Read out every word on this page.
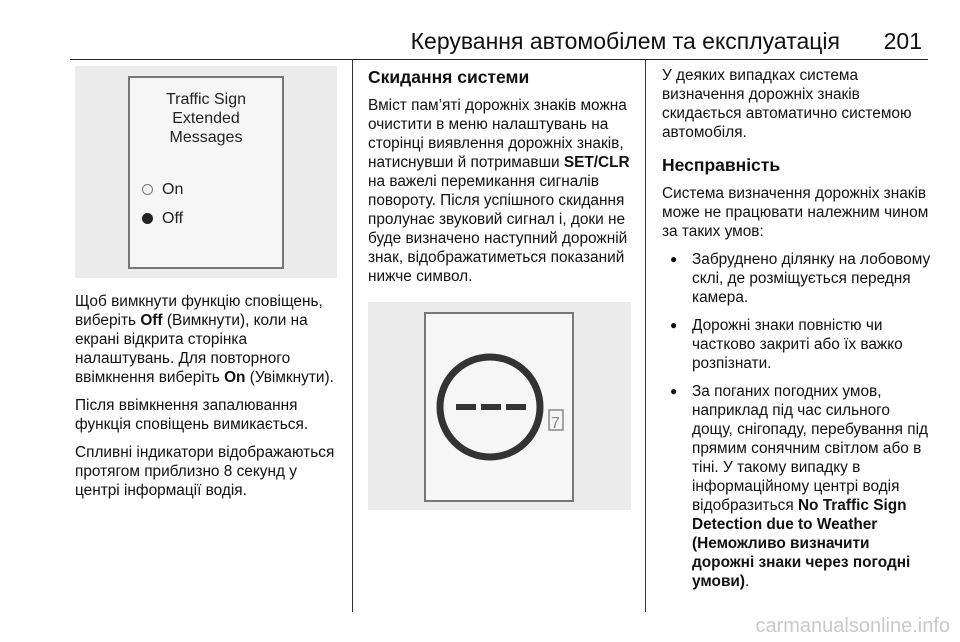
Керування автомобілем та експлуатація 201
Traffic Sign
Extended
Messages
On
Off

Щоб вимкнути функцію сповіщень, виберіть Off (Вимкнути), коли на екрані відкрита сторінка налаштувань. Для повторного ввімкнення виберіть On (Увімкнути).

Після ввімкнення запалювання функція сповіщень вимикається.

Спливні індикатори відображаються протягом приблизно 8 секунд у центрі інформації водія.

Скидання системи

Вміст пам’яті дорожніх знаків можна очистити в меню налаштувань на сторінці виявлення дорожніх знаків, натиснувши й потримавши SET/CLR на важелі перемикання сигналів повороту. Після успішного скидання пролунає звуковий сигнал і, доки не буде визначено наступний дорожній знак, відображатиметься показаний нижче символ.

7

У деяких випадках система визначення дорожніх знаків скидається автоматично системою автомобіля.

Несправність

Система визначення дорожніх знаків може не працювати належним чином за таких умов:

● Забруднено ділянку на лобовому склі, де розміщується передня камера.
● Дорожні знаки повністю чи частково закриті або їх важко розпізнати.
● За поганих погодних умов, наприклад під час сильного дощу, снігопаду, перебування під прямим сонячним світлом або в тіні. У такому випадку в інформаційному центрі водія відобразиться No Traffic Sign Detection due to Weather (Неможливо визначити дорожні знаки через погодні умови).
carmanualsonline.info
